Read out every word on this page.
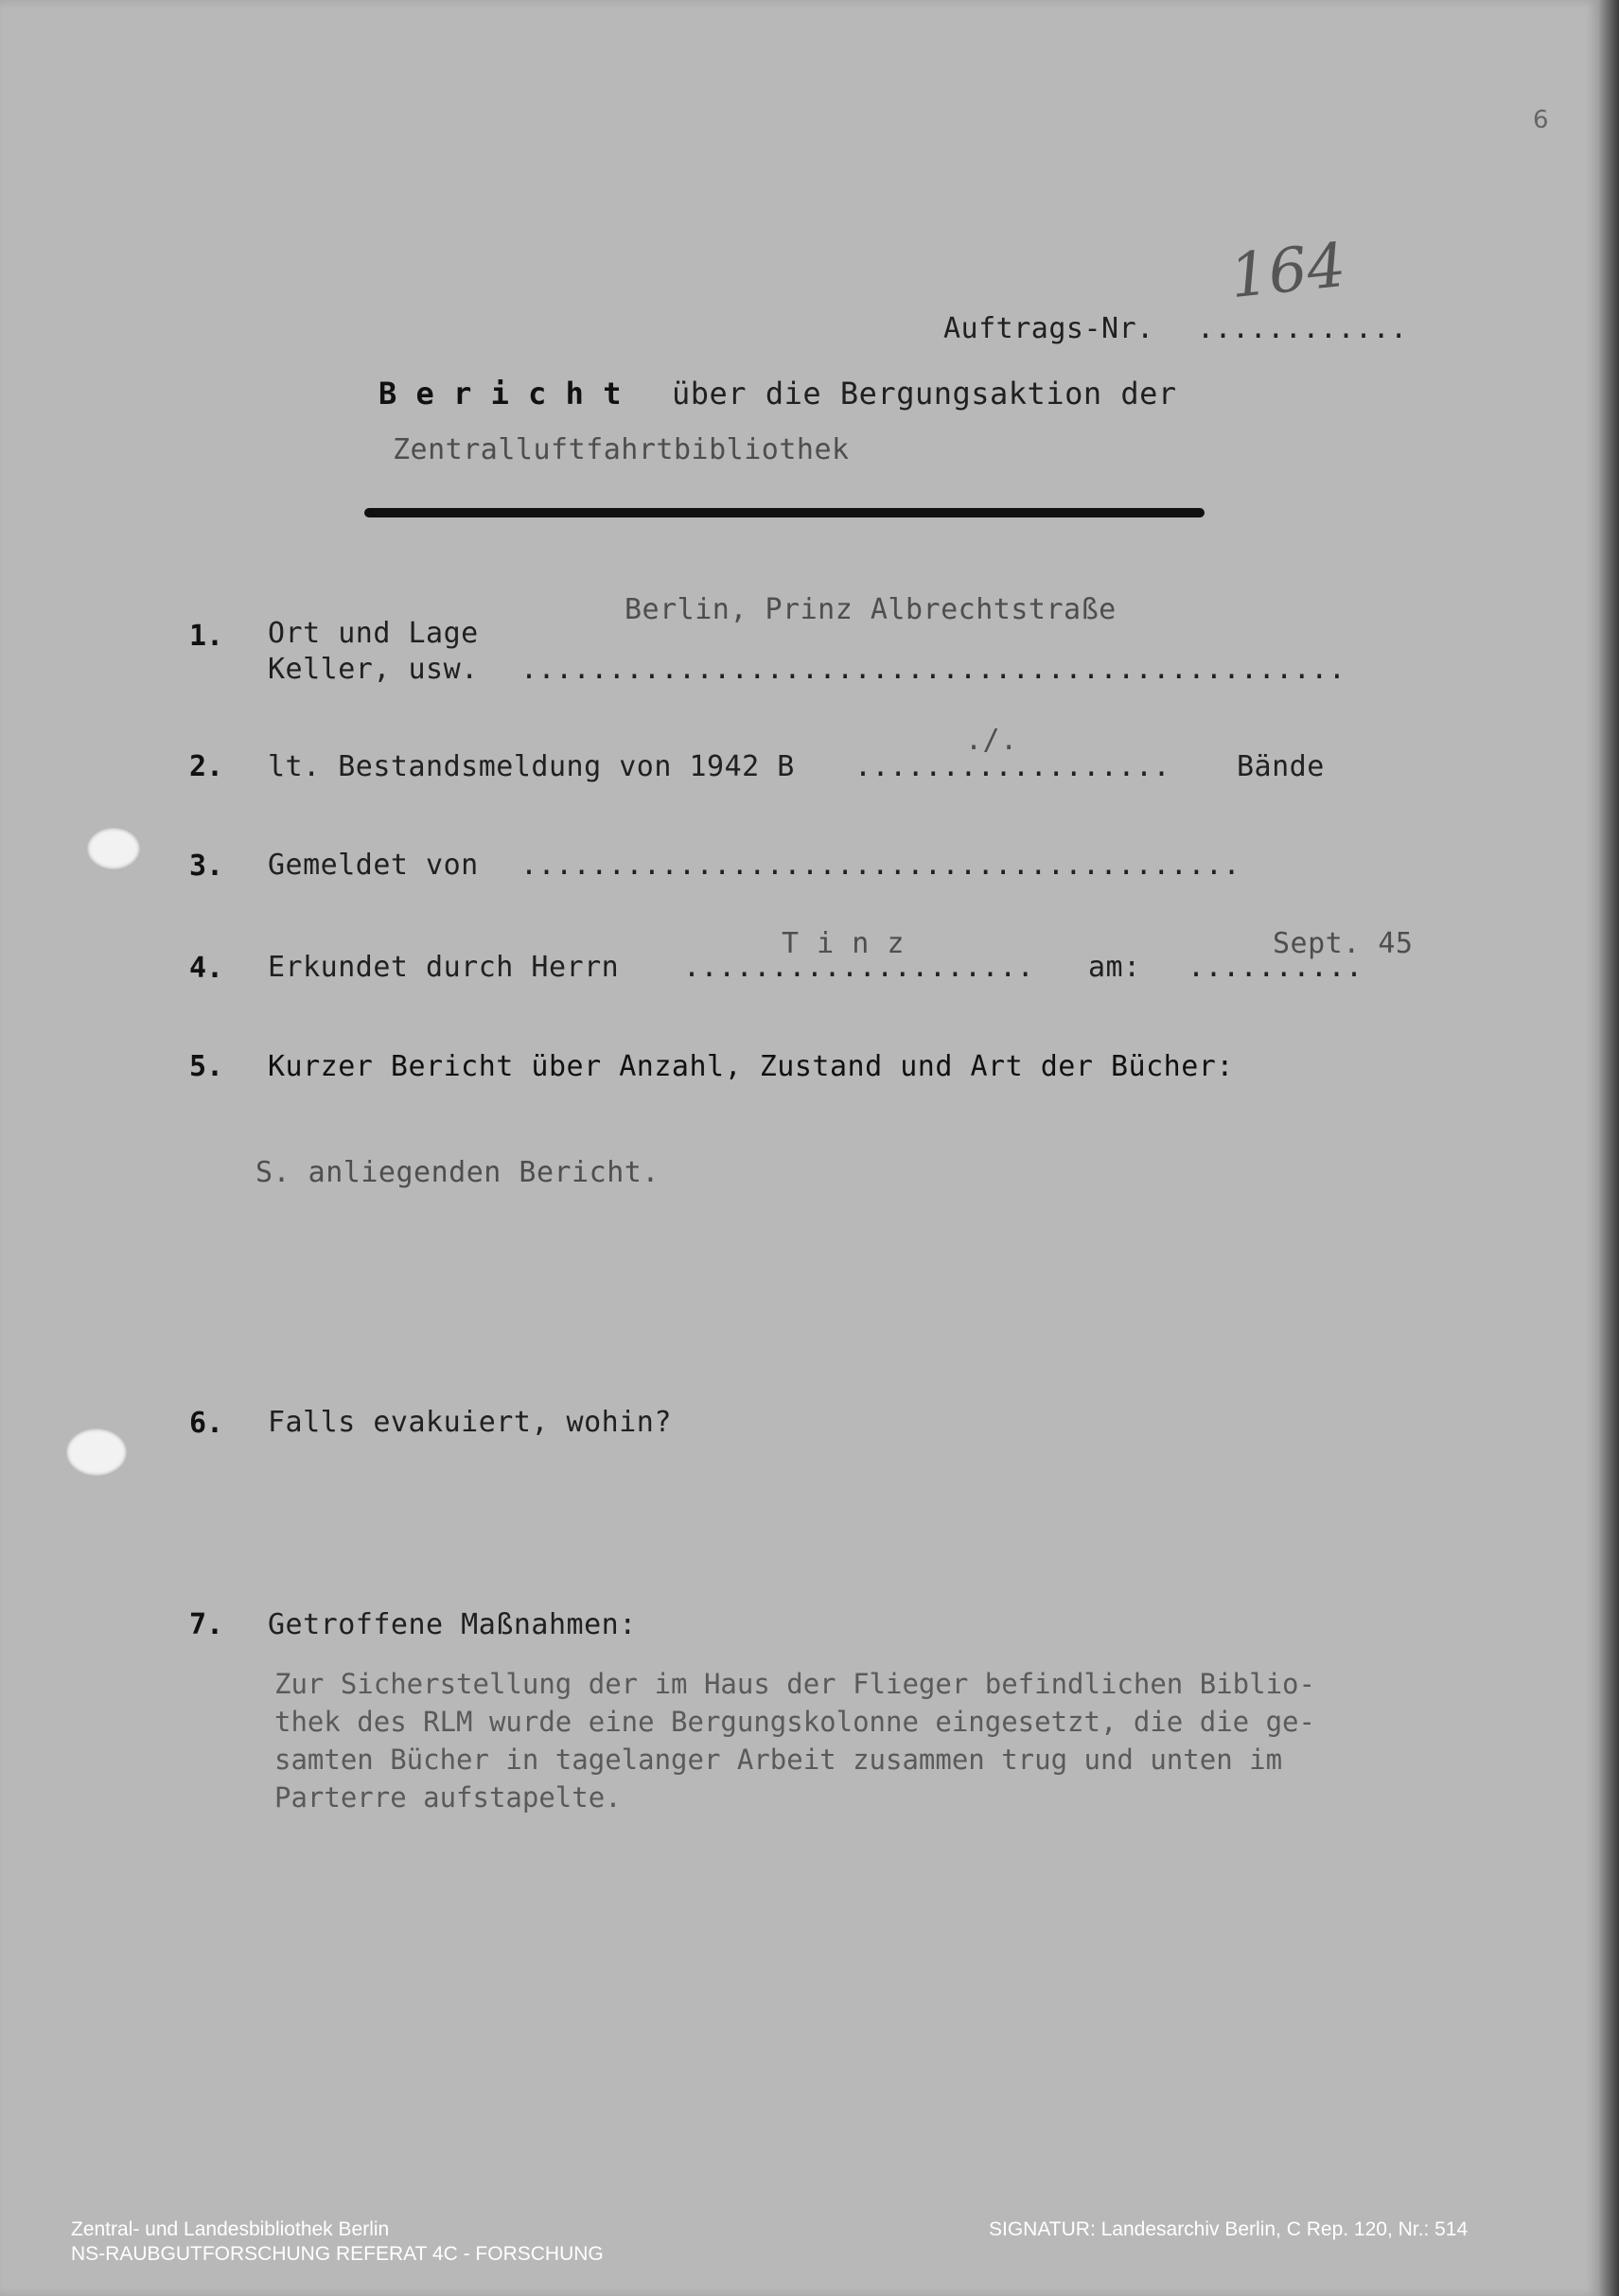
6
164
Auftrags-Nr. ............
B e r i c h t über die Bergungsaktion der
Zentralluftfahrtbibliothek
1. Ort und Lage
Berlin, Prinz Albrechtstraße
Keller, usw. ...............................................
2. lt. Bestandsmeldung von 1942 B ..................
./.
Bände
3. Gemeldet von .........................................
4. Erkundet durch Herrn ....................
T i n z
am: ..........
Sept. 45
5. Kurzer Bericht über Anzahl, Zustand und Art der Bücher:
S. anliegenden Bericht.
6. Falls evakuiert, wohin?
7. Getroffene Maßnahmen:
Zur Sicherstellung der im Haus der Flieger befindlichen Biblio-
thek des RLM wurde eine Bergungskolonne eingesetzt, die die ge-
samten Bücher in tagelanger Arbeit zusammen trug und unten im
Parterre aufstapelte.
Zentral- und Landesbibliothek Berlin
NS-RAUBGUTFORSCHUNG REFERAT 4C - FORSCHUNG
SIGNATUR: Landesarchiv Berlin, C Rep. 120, Nr.: 514
